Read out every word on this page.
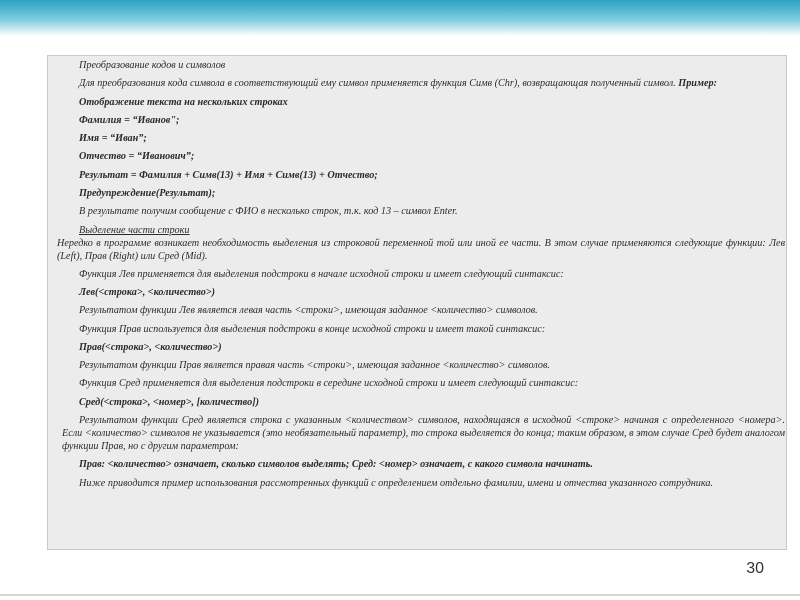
Преобразование кодов и символов

Для преобразования кода символа в соответствующий ему символ применяется функция Симв (Chr), возвращающая полученный символ. Пример:

Отображение текста на нескольких строках

Фамилия = “Иванов";

Имя = “Иван”;

Отчество = “Иванович”;

Результат = Фамилия + Симв(13) + Имя + Симв(13) + Отчество;

Предупреждение(Результат);

В результате получим сообщение с ФИО в несколько строк, т.к. код 13 – символ Enter.

Выделение части строки

Нередко в программе возникает необходимость выделения из строковой переменной той или иной ее части. В этом случае применяются следующие функции: Лев (Left), Прав (Right) или Сред (Mid).

Функция Лев применяется для выделения подстроки в начале исходной строки и имеет следующий синтаксис:

Лев(<строка>, <количество>)

Результатом функции Лев является левая часть <строки>, имеющая заданное <количество> символов.

Функция Прав используется для выделения подстроки в конце исходной строки и имеет такой синтаксис:

Прав(<строка>, <количество>)

Результатом функции Прав является правая часть <строки>, имеющая заданное <количество> символов.

Функция Сред применяется для выделения подстроки в середине исходной строки и имеет следующий синтаксис:

Сред(<строка>, <номер>, [количество])

Результатом функции Сред является строка с указанным <количеством> символов, находящаяся в исходной <строке> начиная с определенного <номера>. Если <количество> символов не указывается (это необязательный параметр), то строка выделяется до конца; таким образом, в этом случае Сред будет аналогом функции Прав, но с другим параметром:

Прав: <количество> означает, сколько символов выделять; Сред: <номер> означает, с какого символа начинать.

Ниже приводится пример использования рассмотренных функций с определением отдельно фамилии, имени и отчества указанного сотрудника.

30
